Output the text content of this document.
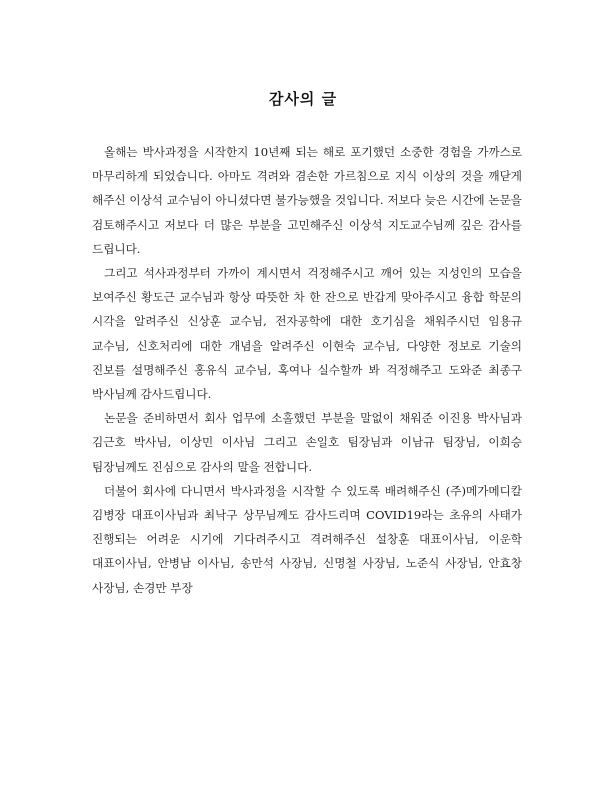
감사의 글

올해는 박사과정을 시작한지 10년째 되는 해로 포기했던 소중한 경험을 가까스로 마무리하게 되었습니다. 아마도 격려와 겸손한 가르침으로 지식 이상의 것을 깨닫게 해주신 이상석 교수님이 아니셨다면 불가능했을 것입니다. 저보다 늦은 시간에 논문을 검토해주시고 저보다 더 많은 부분을 고민해주신 이상석 지도교수님께 깊은 감사를 드립니다.

그리고 석사과정부터 가까이 계시면서 걱정해주시고 깨어 있는 지성인의 모습을 보여주신 황도근 교수님과 항상 따뜻한 차 한 잔으로 반갑게 맞아주시고 융합 학문의 시각을 알려주신 신상훈 교수님, 전자공학에 대한 호기심을 채워주시던 임용규 교수님, 신호처리에 대한 개념을 알려주신 이현숙 교수님, 다양한 정보로 기술의 진보를 설명해주신 홍유식 교수님, 혹여나 실수할까 봐 걱정해주고 도와준 최종구 박사님께 감사드립니다.

논문을 준비하면서 회사 업무에 소홀했던 부분을 말없이 채워준 이진용 박사님과 김근호 박사님, 이상민 이사님 그리고 손일호 팀장님과 이남규 팀장님, 이희승 팀장님께도 진심으로 감사의 말을 전합니다.

더불어 회사에 다니면서 박사과정을 시작할 수 있도록 배려해주신 (주)메가메디칼 김병장 대표이사님과 최낙구 상무님께도 감사드리며 COVID19라는 초유의 사태가 진행되는 어려운 시기에 기다려주시고 격려해주신 설창훈 대표이사님, 이운학 대표이사님, 안병남 이사님, 송만석 사장님, 신명철 사장님, 노준식 사장님, 안효창 사장님, 손경만 부장
